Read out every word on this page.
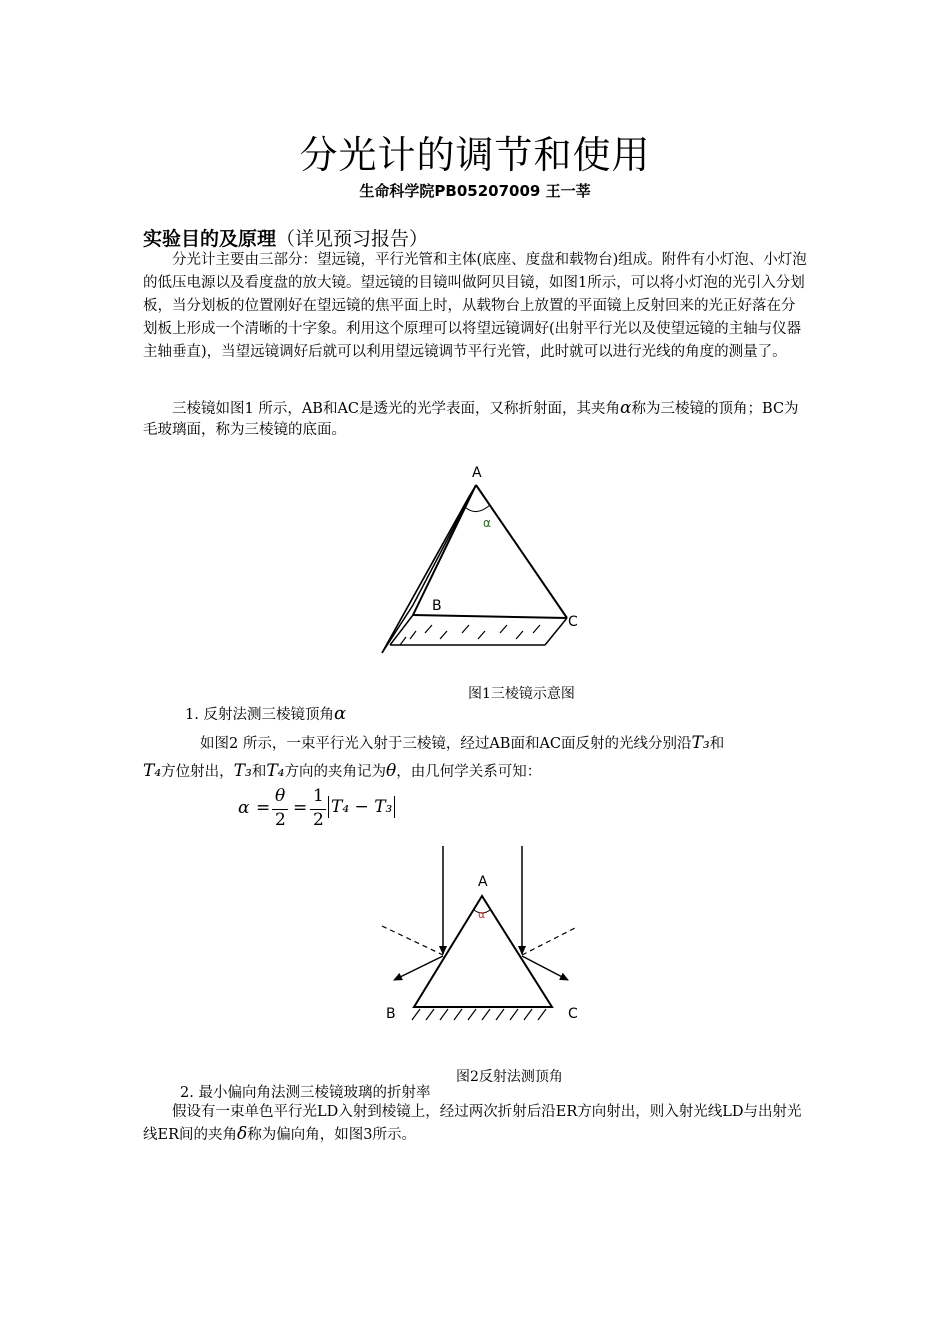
分光计的调节和使用
生命科学院PB05207009 王一莘
实验目的及原理（详见预习报告）
分光计主要由三部分：望远镜，平行光管和主体(底座、度盘和载物台)组成。附件有小灯泡、小灯泡的低压电源以及看度盘的放大镜。望远镜的目镜叫做阿贝目镜，如图1所示，可以将小灯泡的光引入分划板，当分划板的位置刚好在望远镜的焦平面上时，从载物台上放置的平面镜上反射回来的光正好落在分划板上形成一个清晰的十字象。利用这个原理可以将望远镜调好(出射平行光以及使望远镜的主轴与仪器主轴垂直)，当望远镜调好后就可以利用望远镜调节平行光管，此时就可以进行光线的角度的测量了。
三棱镜如图1 所示，AB和AC是透光的光学表面，又称折射面，其夹角α称为三棱镜的顶角；BC为毛玻璃面，称为三棱镜的底面。
A
B
C
α
图1三棱镜示意图
1. 反射法测三棱镜顶角α
如图2 所示，一束平行光入射于三棱镜，经过AB面和AC面反射的光线分别沿T₃和
T₄方位射出，T₃和T₄方向的夹角记为θ，由几何学关系可知：
α =
θ
2
=
1
2
T₄ − T₃
A
B	C
α
图2反射法测顶角
2. 最小偏向角法测三棱镜玻璃的折射率
假设有一束单色平行光LD入射到棱镜上，经过两次折射后沿ER方向射出，则入射光线LD与出射光线ER间的夹角δ称为偏向角，如图3所示。
